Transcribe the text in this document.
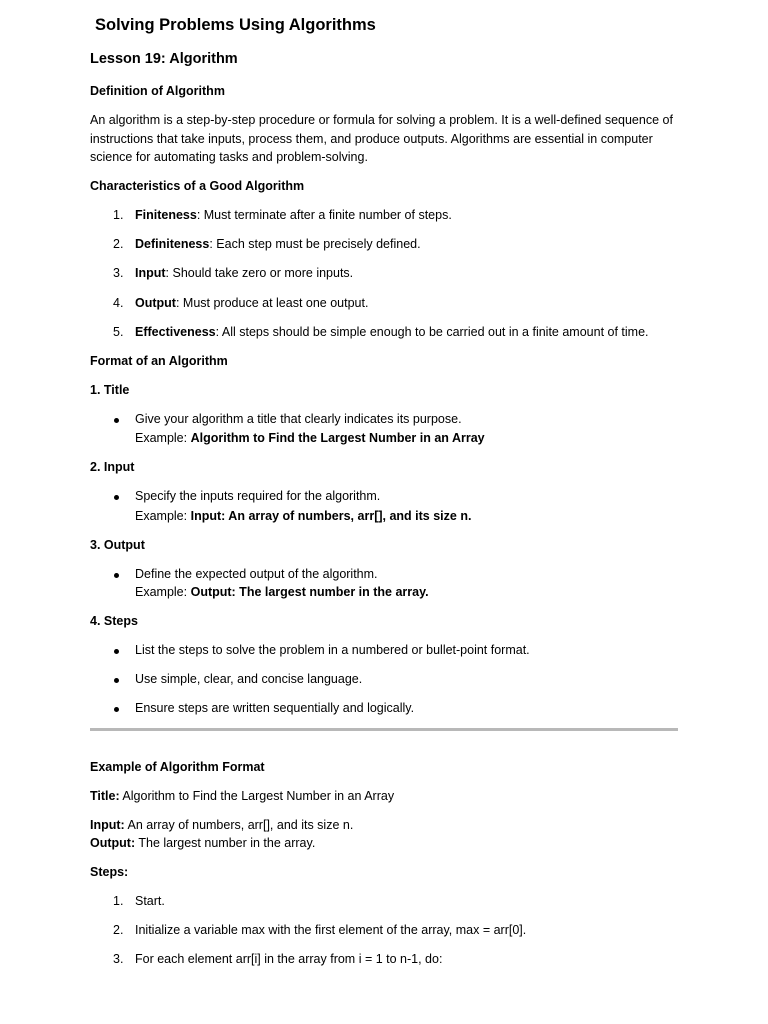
Solving Problems Using Algorithms
Lesson 19: Algorithm
Definition of Algorithm
An algorithm is a step-by-step procedure or formula for solving a problem. It is a well-defined sequence of instructions that take inputs, process them, and produce outputs. Algorithms are essential in computer science for automating tasks and problem-solving.
Characteristics of a Good Algorithm
1. Finiteness: Must terminate after a finite number of steps.
2. Definiteness: Each step must be precisely defined.
3. Input: Should take zero or more inputs.
4. Output: Must produce at least one output.
5. Effectiveness: All steps should be simple enough to be carried out in a finite amount of time.
Format of an Algorithm
1. Title
Give your algorithm a title that clearly indicates its purpose.
Example: Algorithm to Find the Largest Number in an Array
2. Input
Specify the inputs required for the algorithm.
Example: Input: An array of numbers, arr[], and its size n.
3. Output
Define the expected output of the algorithm.
Example: Output: The largest number in the array.
4. Steps
List the steps to solve the problem in a numbered or bullet-point format.
Use simple, clear, and concise language.
Ensure steps are written sequentially and logically.
Example of Algorithm Format
Title: Algorithm to Find the Largest Number in an Array
Input: An array of numbers, arr[], and its size n.
Output: The largest number in the array.
Steps:
1. Start.
2. Initialize a variable max with the first element of the array, max = arr[0].
3. For each element arr[i] in the array from i = 1 to n-1, do:
